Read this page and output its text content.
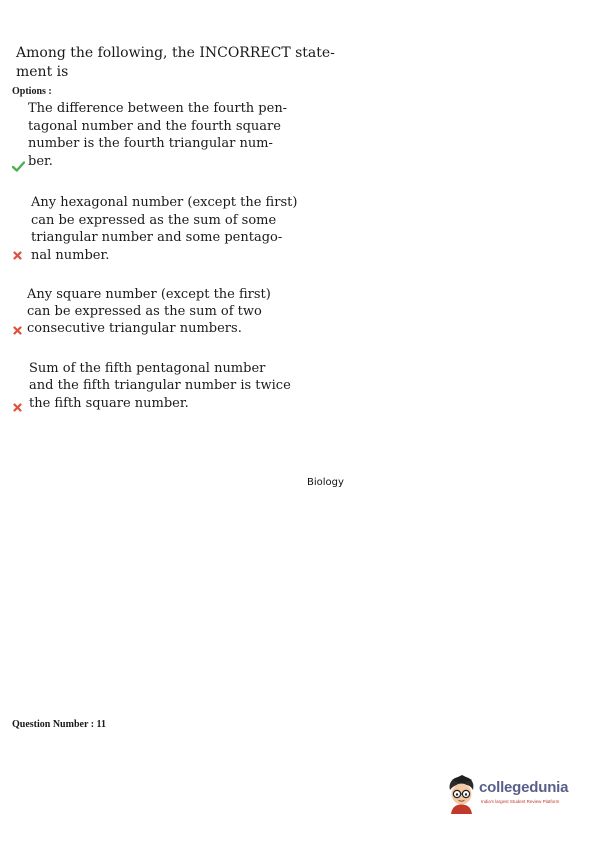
Among the following, the INCORRECT state-
ment is
Options :
The difference between the fourth pen-
tagonal number and the fourth square
number is the fourth triangular num-
ber.
Any hexagonal number (except the first)
can be expressed as the sum of some
triangular number and some pentago-
nal number.
Any square number (except the first)
can be expressed as the sum of two
consecutive triangular numbers.
Sum of the fifth pentagonal number
and the fifth triangular number is twice
the fifth square number.
Biology
Question Number : 11
collegedunia
India's largest Student Review Platform
